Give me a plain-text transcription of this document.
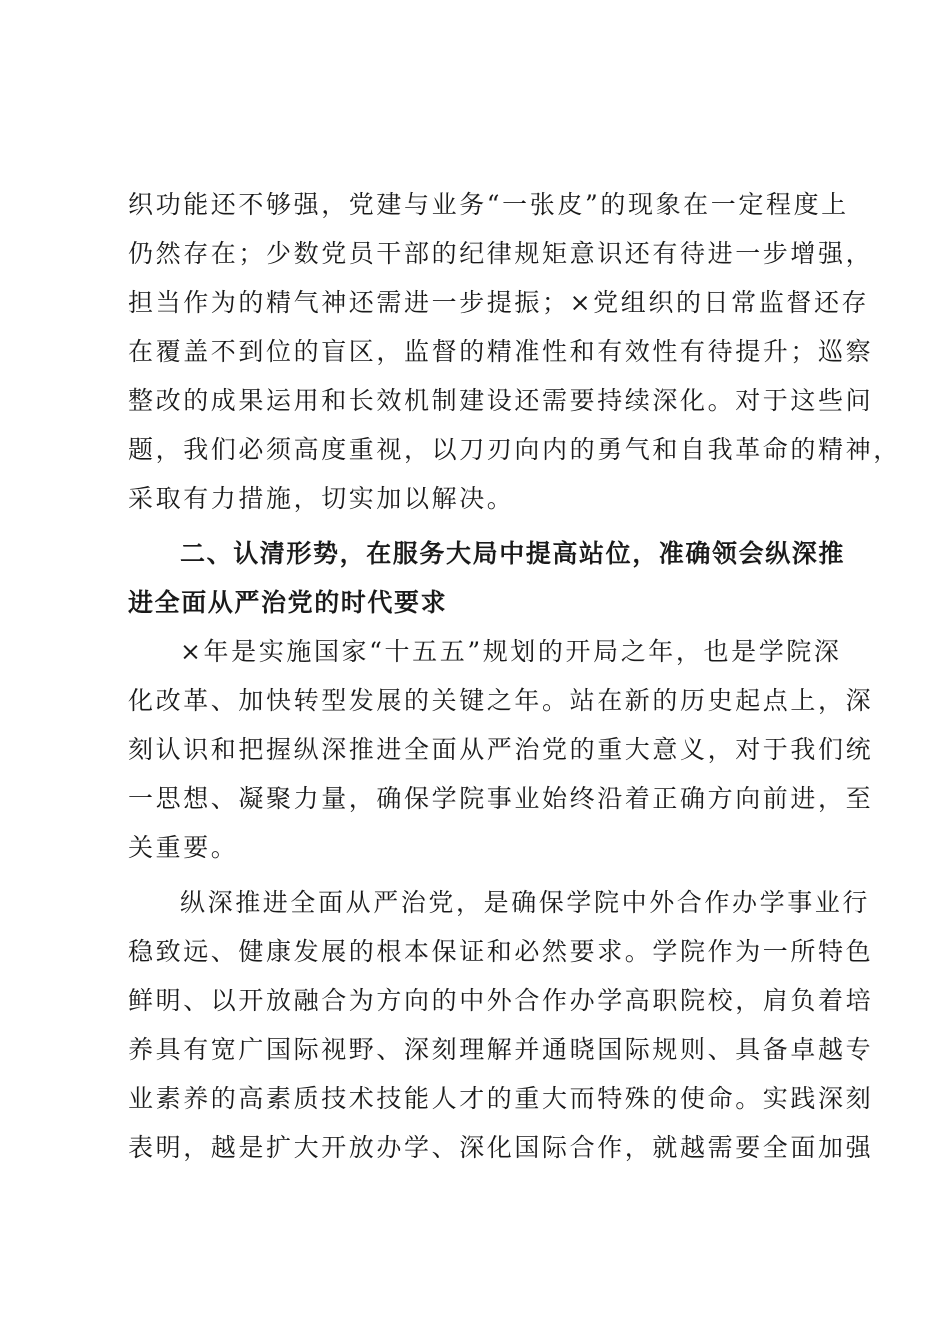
织功能还不够强，党建与业务“一张皮”的现象在一定程度上
仍然存在；少数党员干部的纪律规矩意识还有待进一步增强，
担当作为的精气神还需进一步提振；×党组织的日常监督还存
在覆盖不到位的盲区，监督的精准性和有效性有待提升；巡察
整改的成果运用和长效机制建设还需要持续深化。对于这些问
题，我们必须高度重视，以刀刃向内的勇气和自我革命的精神，
采取有力措施，切实加以解决。
二、认清形势，在服务大局中提高站位，准确领会纵深推
进全面从严治党的时代要求
×年是实施国家“十五五”规划的开局之年，也是学院深
化改革、加快转型发展的关键之年。站在新的历史起点上，深
刻认识和把握纵深推进全面从严治党的重大意义，对于我们统
一思想、凝聚力量，确保学院事业始终沿着正确方向前进，至
关重要。
纵深推进全面从严治党，是确保学院中外合作办学事业行
稳致远、健康发展的根本保证和必然要求。学院作为一所特色
鲜明、以开放融合为方向的中外合作办学高职院校，肩负着培
养具有宽广国际视野、深刻理解并通晓国际规则、具备卓越专
业素养的高素质技术技能人才的重大而特殊的使命。实践深刻
表明，越是扩大开放办学、深化国际合作，就越需要全面加强
